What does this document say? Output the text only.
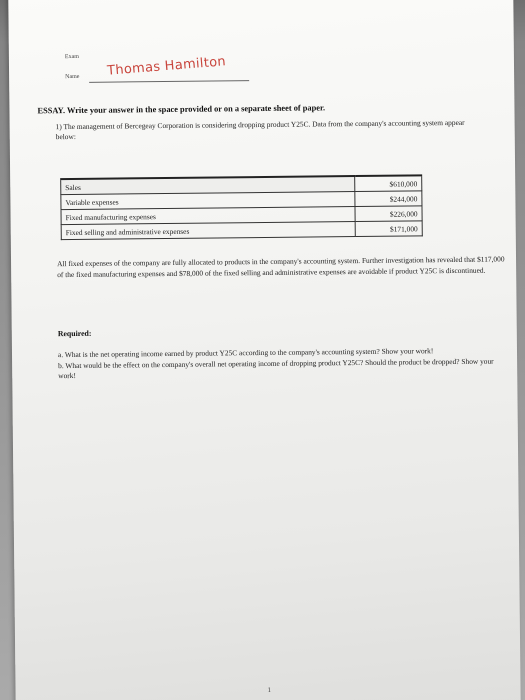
Exam
Name Thomas Hamilton
ESSAY. Write your answer in the space provided or on a separate sheet of paper.
1) The management of Bercegeay Corporation is considering dropping product Y25C. Data from the company's accounting system appear below:
Sales	$610,000
Variable expenses	$244,000
Fixed manufacturing expenses	$226,000
Fixed selling and administrative expenses	$171,000
All fixed expenses of the company are fully allocated to products in the company's accounting system. Further investigation has revealed that $117,000 of the fixed manufacturing expenses and $78,000 of the fixed selling and administrative expenses are avoidable if product Y25C is discontinued.
Required:
a. What is the net operating income earned by product Y25C according to the company's accounting system? Show your work!
b. What would be the effect on the company's overall net operating income of dropping product Y25C? Should the product be dropped? Show your work!
1
